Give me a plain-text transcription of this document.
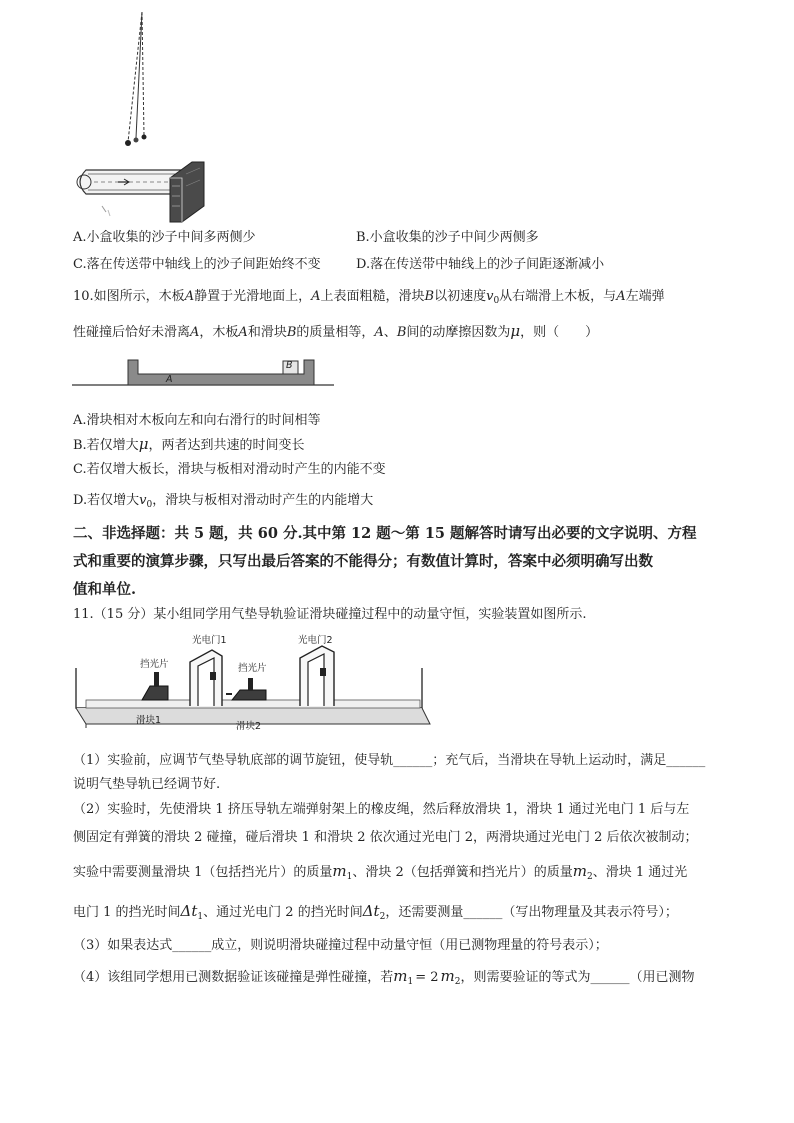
A.小盒收集的沙子中间多两侧少	B.小盒收集的沙子中间少两侧多
C.落在传送带中轴线上的沙子间距始终不变	D.落在传送带中轴线上的沙子间距逐渐减小
10.如图所示，木板A静置于光滑地面上，A上表面粗糙，滑块B以初速度$v_0$从右端滑上木板，与A左端弹
性碰撞后恰好未滑离A，木板A和滑块B的质量相等，A、B间的动摩擦因数为μ，则（　　）
A
B
A.滑块相对木板向左和向右滑行的时间相等
B.若仅增大μ，两者达到共速的时间变长
C.若仅增大板长，滑块与板相对滑动时产生的内能不变
D.若仅增大$v_0$，滑块与板相对滑动时产生的内能增大
二、非选择题：共 5 题，共 60 分.其中第 12 题～第 15 题解答时请写出必要的文字说明、方程
式和重要的演算步骤，只写出最后答案的不能得分；有数值计算时，答案中必须明确写出数
值和单位.
11.（15 分）某小组同学用气垫导轨验证滑块碰撞过程中的动量守恒，实验装置如图所示.
光电门1	光电门2
挡光片	挡光片
滑块1
滑块2
（1）实验前，应调节气垫导轨底部的调节旋钮，使导轨______；充气后，当滑块在导轨上运动时，满足______
说明气垫导轨已经调节好.
（2）实验时，先使滑块 1 挤压导轨左端弹射架上的橡皮绳，然后释放滑块 1，滑块 1 通过光电门 1 后与左
侧固定有弹簧的滑块 2 碰撞，碰后滑块 1 和滑块 2 依次通过光电门 2，两滑块通过光电门 2 后依次被制动；
实验中需要测量滑块 1（包括挡光片）的质量$m_1$、滑块 2（包括弹簧和挡光片）的质量$m_2$、滑块 1 通过光
电门 1 的挡光时间$\Delta t_1$、通过光电门 2 的挡光时间$\Delta t_2$，还需要测量______（写出物理量及其表示符号）；
（3）如果表达式______成立，则说明滑块碰撞过程中动量守恒（用已测物理量的符号表示）；
（4）该组同学想用已测数据验证该碰撞是弹性碰撞，若$m_1 = 2$ $m_2$，则需要验证的等式为______（用已测物
